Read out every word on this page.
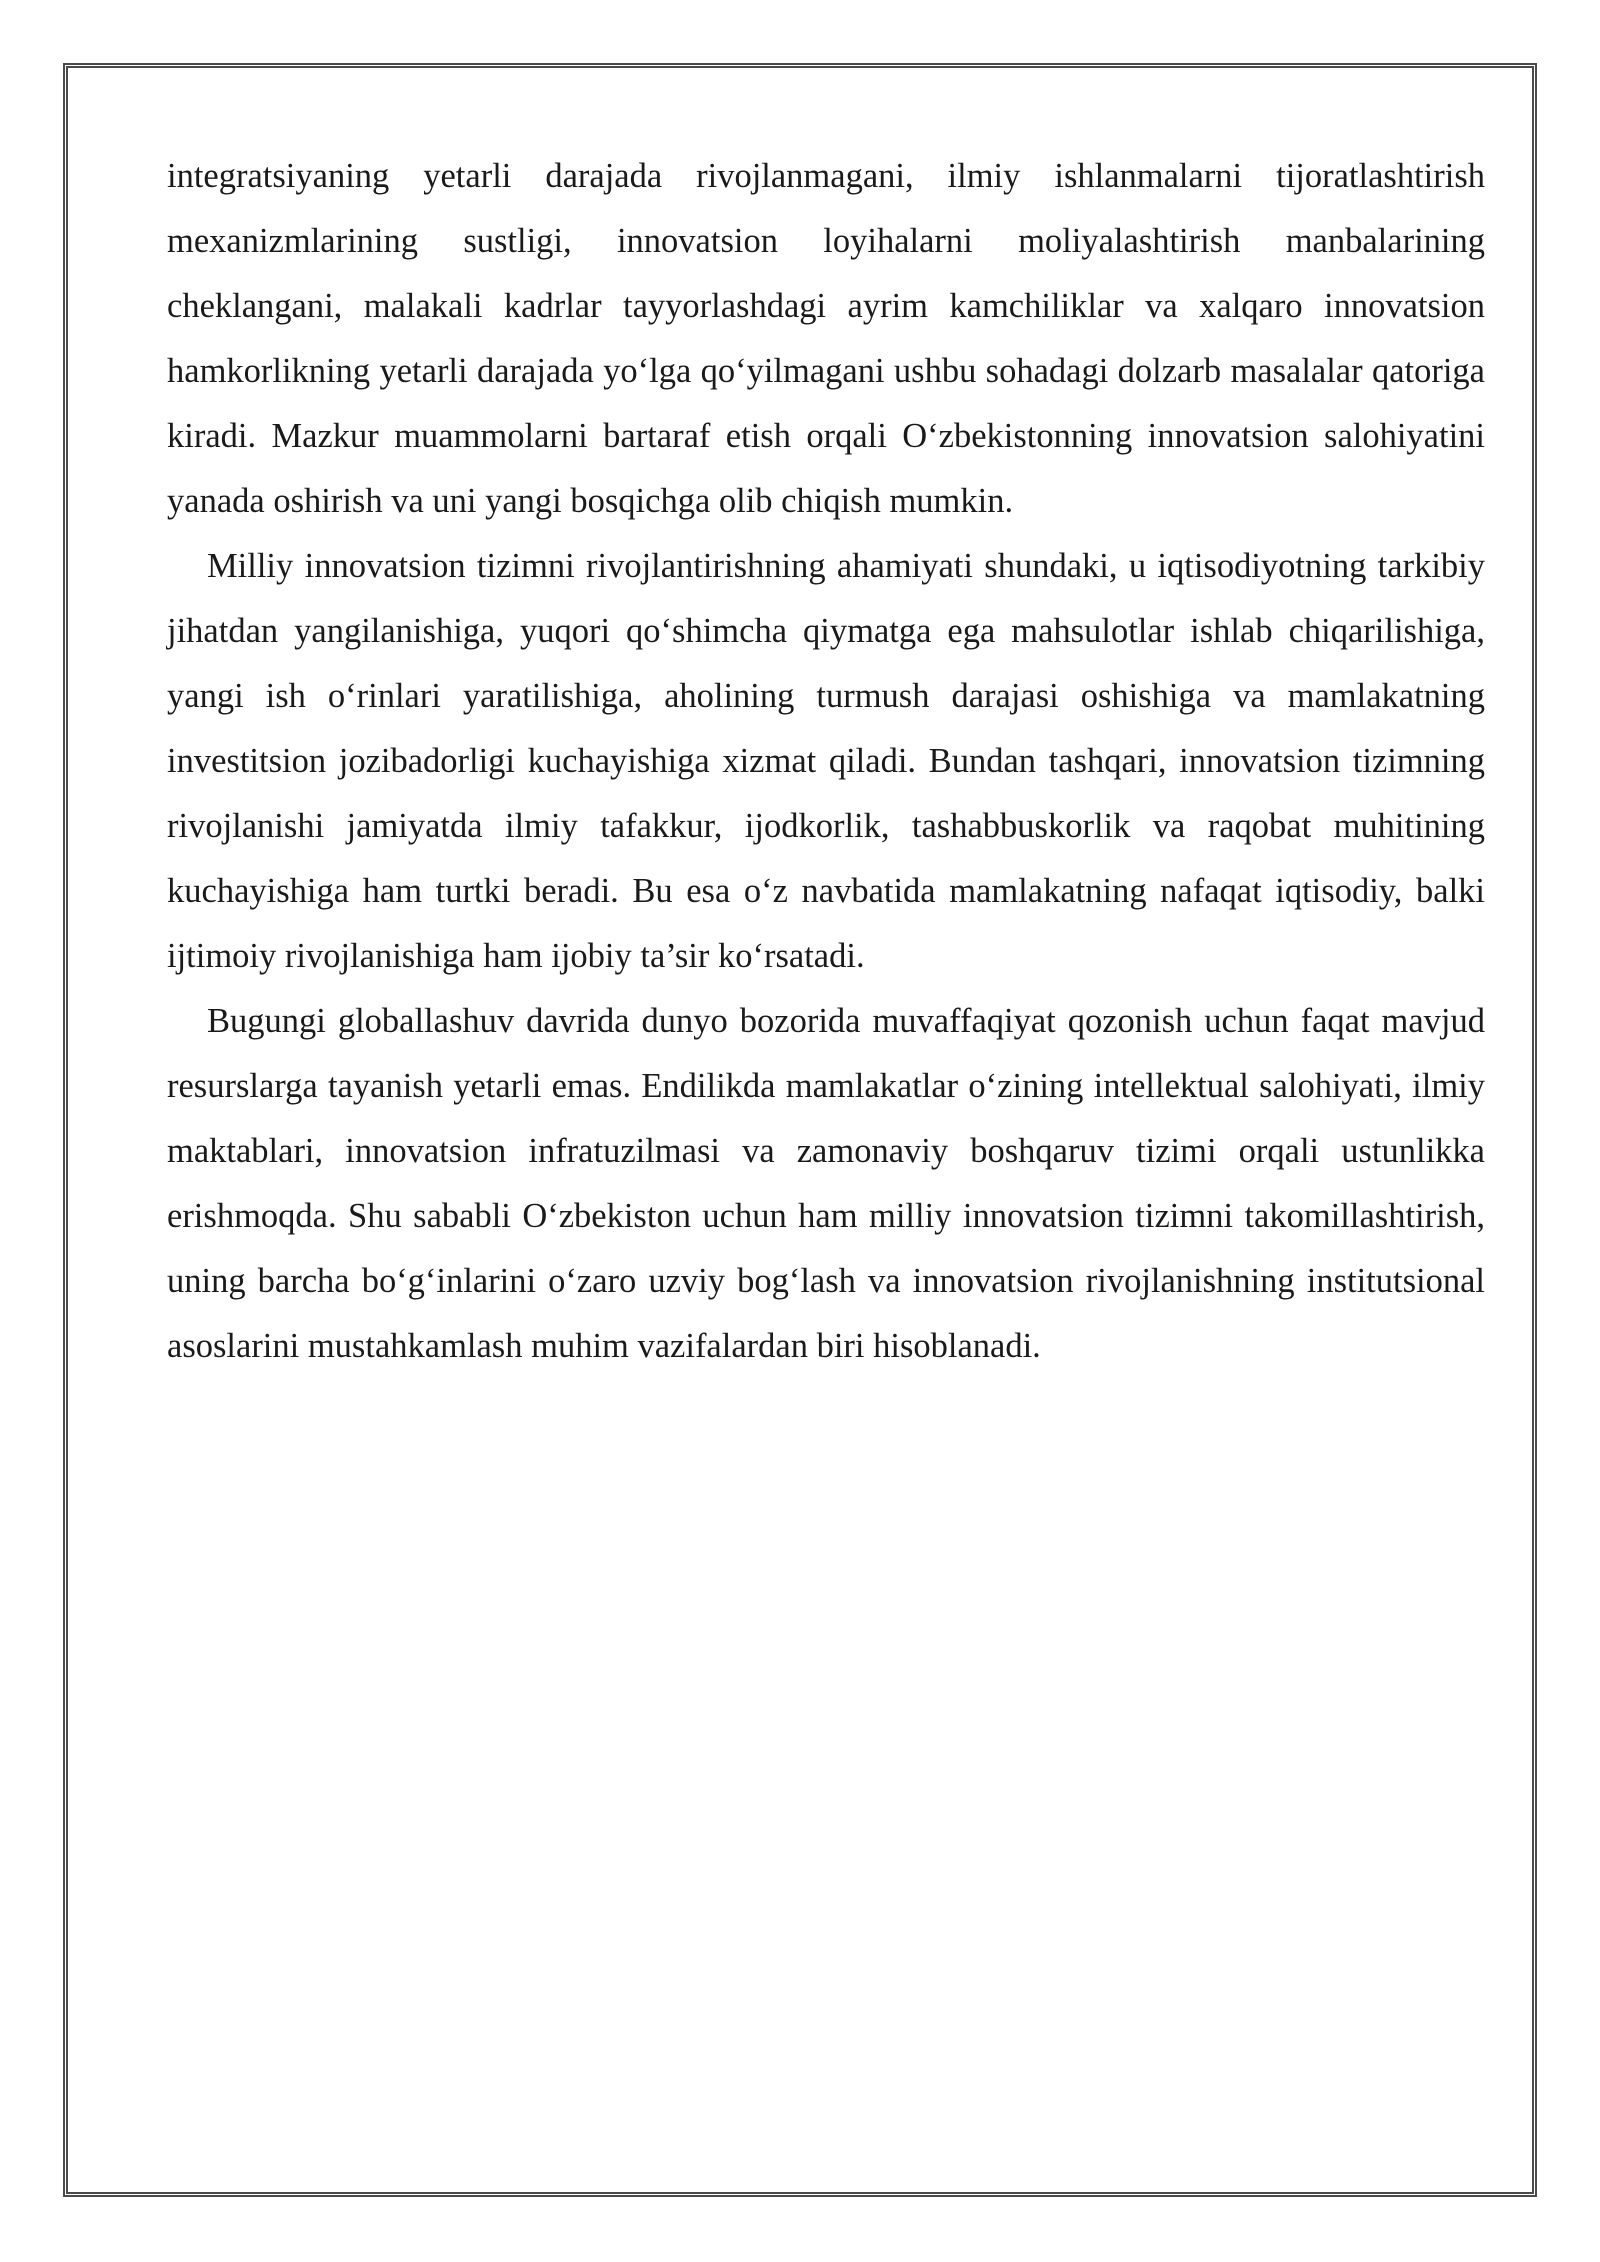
integratsiyaning yetarli darajada rivojlanmagani, ilmiy ishlanmalarni tijoratlashtirish mexanizmlarining sustligi, innovatsion loyihalarni moliyalashtirish manbalarining cheklangani, malakali kadrlar tayyorlashdagi ayrim kamchiliklar va xalqaro innovatsion hamkorlikning yetarli darajada yo‘lga qo‘yilmagani ushbu sohadagi dolzarb masalalar qatoriga kiradi. Mazkur muammolarni bartaraf etish orqali O‘zbekistonning innovatsion salohiyatini yanada oshirish va uni yangi bosqichga olib chiqish mumkin.

Milliy innovatsion tizimni rivojlantirishning ahamiyati shundaki, u iqtisodiyotning tarkibiy jihatdan yangilanishiga, yuqori qo‘shimcha qiymatga ega mahsulotlar ishlab chiqarilishiga, yangi ish o‘rinlari yaratilishiga, aholining turmush darajasi oshishiga va mamlakatning investitsion jozibadorligi kuchayishiga xizmat qiladi. Bundan tashqari, innovatsion tizimning rivojlanishi jamiyatda ilmiy tafakkur, ijodkorlik, tashabbuskorlik va raqobat muhitining kuchayishiga ham turtki beradi. Bu esa o‘z navbatida mamlakatning nafaqat iqtisodiy, balki ijtimoiy rivojlanishiga ham ijobiy ta’sir ko‘rsatadi.

Bugungi globallashuv davrida dunyo bozorida muvaffaqiyat qozonish uchun faqat mavjud resurslarga tayanish yetarli emas. Endilikda mamlakatlar o‘zining intellektual salohiyati, ilmiy maktablari, innovatsion infratuzilmasi va zamonaviy boshqaruv tizimi orqali ustunlikka erishmoqda. Shu sababli O‘zbekiston uchun ham milliy innovatsion tizimni takomillashtirish, uning barcha bo‘g‘inlarini o‘zaro uzviy bog‘lash va innovatsion rivojlanishning institutsional asoslarini mustahkamlash muhim vazifalardan biri hisoblanadi.
